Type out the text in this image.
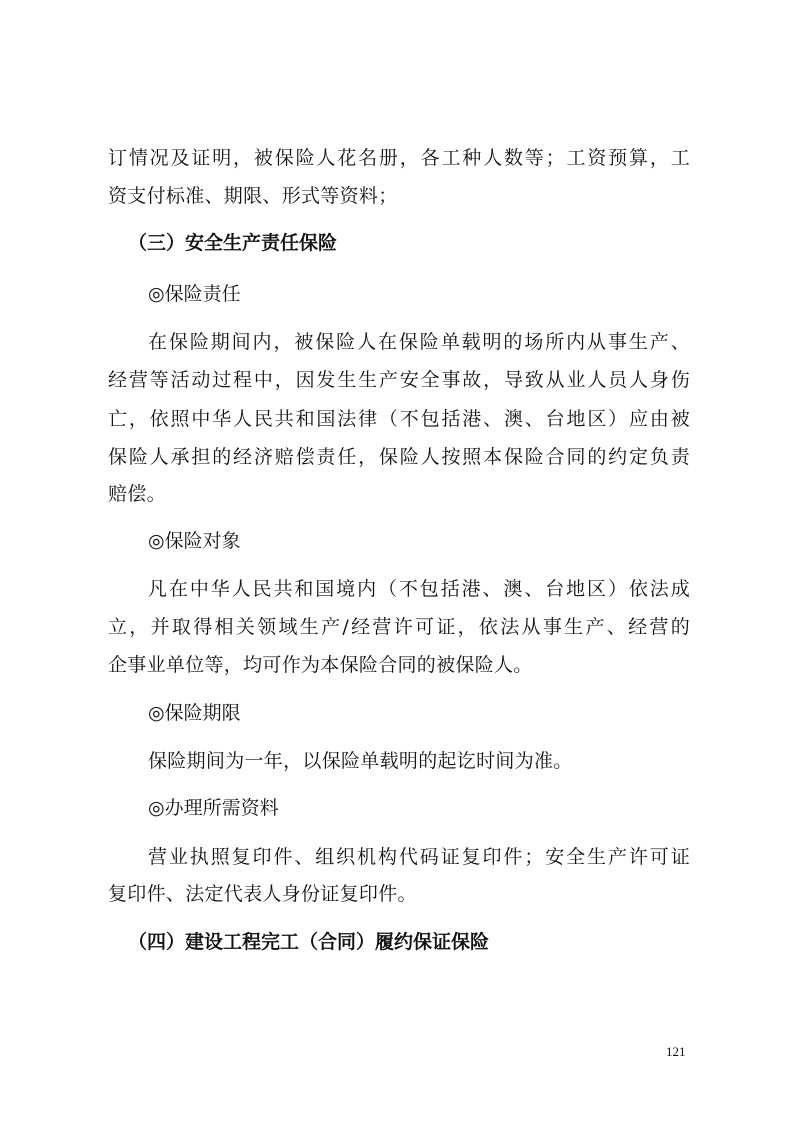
订情况及证明，被保险人花名册，各工种人数等；工资预算，工
资支付标准、期限、形式等资料；
（三）安全生产责任保险
◎保险责任
在保险期间内，被保险人在保险单载明的场所内从事生产、
经营等活动过程中，因发生生产安全事故，导致从业人员人身伤
亡，依照中华人民共和国法律（不包括港、澳、台地区）应由被
保险人承担的经济赔偿责任，保险人按照本保险合同的约定负责
赔偿。
◎保险对象
凡在中华人民共和国境内（不包括港、澳、台地区）依法成
立，并取得相关领域生产/经营许可证，依法从事生产、经营的
企事业单位等，均可作为本保险合同的被保险人。
◎保险期限
保险期间为一年，以保险单载明的起讫时间为准。
◎办理所需资料
营业执照复印件、组织机构代码证复印件；安全生产许可证
复印件、法定代表人身份证复印件。
（四）建设工程完工（合同）履约保证保险
121
